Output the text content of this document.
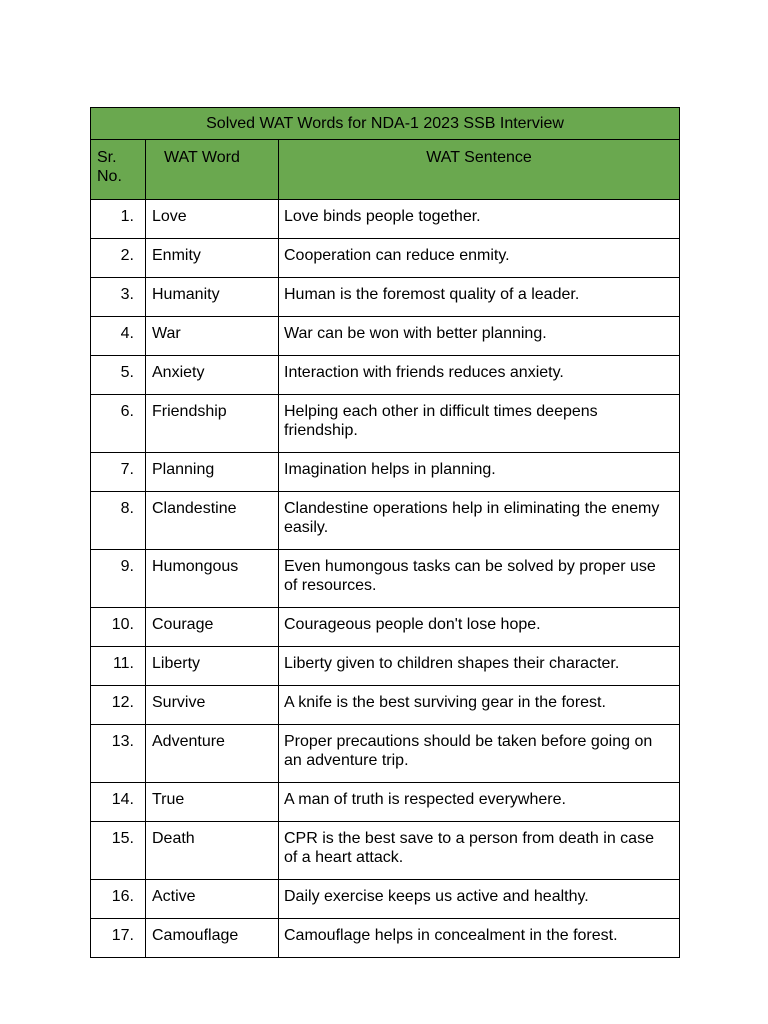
Solved WAT Words for NDA-1 2023 SSB Interview		
Sr. No.	WAT Word	WAT Sentence
1.	Love	Love binds people together.
2.	Enmity	Cooperation can reduce enmity.
3.	Humanity	Human is the foremost quality of a leader.
4.	War	War can be won with better planning.
5.	Anxiety	Interaction with friends reduces anxiety.
6.	Friendship	Helping each other in difficult times deepens friendship.
7.	Planning	Imagination helps in planning.
8.	Clandestine	Clandestine operations help in eliminating the enemy easily.
9.	Humongous	Even humongous tasks can be solved by proper use of resources.
10.	Courage	Courageous people don't lose hope.
11.	Liberty	Liberty given to children shapes their character.
12.	Survive	A knife is the best surviving gear in the forest.
13.	Adventure	Proper precautions should be taken before going on an adventure trip.
14.	True	A man of truth is respected everywhere.
15.	Death	CPR is the best save to a person from death in case of a heart attack.
16.	Active	Daily exercise keeps us active and healthy.
17.	Camouflage	Camouflage helps in concealment in the forest.
